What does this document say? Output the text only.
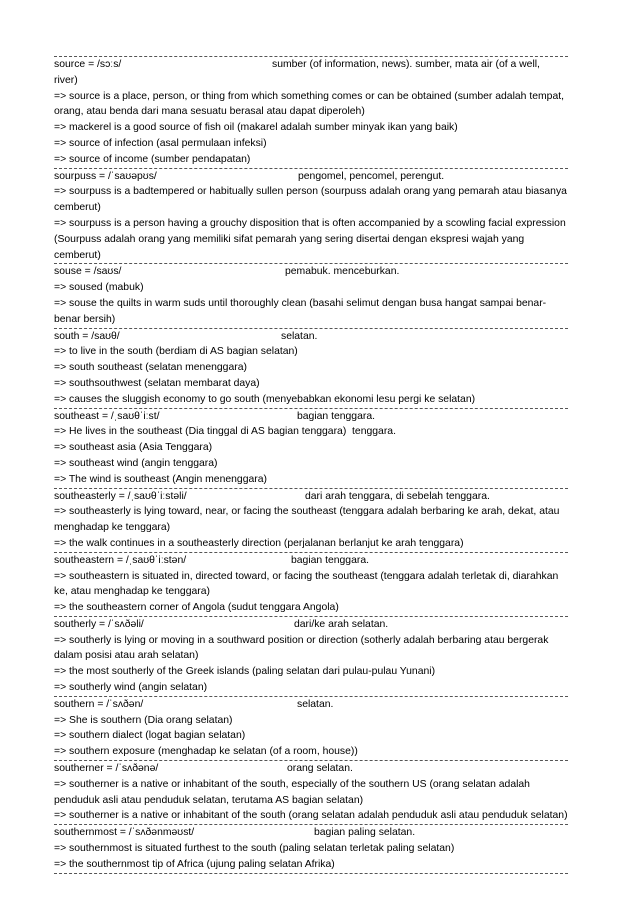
source = /sɔːs/	sumber (of information, news). sumber, mata air (of a well,
river)
=> source is a place, person, or thing from which something comes or can be obtained (sumber adalah tempat, orang, atau benda dari mana sesuatu berasal atau dapat diperoleh)
=> mackerel is a good source of fish oil (makarel adalah sumber minyak ikan yang baik)
=> source of infection (asal permulaan infeksi)
=> source of income (sumber pendapatan)
sourpuss = /ˈsaʊəpʊs/	pengomel, pencomel, perengut.
=> sourpuss is a badtempered or habitually sullen person (sourpuss adalah orang yang pemarah atau biasanya cemberut)
=> sourpuss is a person having a grouchy disposition that is often accompanied by a scowling facial expression (Sourpuss adalah orang yang memiliki sifat pemarah yang sering disertai dengan ekspresi wajah yang cemberut)
souse = /saʊs/	pemabuk. menceburkan.
=> soused (mabuk)
=> souse the quilts in warm suds until thoroughly clean (basahi selimut dengan busa hangat sampai benar-benar bersih)
south = /saʊθ/	selatan.
=> to live in the south (berdiam di AS bagian selatan)
=> south southeast (selatan menenggara)
=> southsouthwest (selatan membarat daya)
=> causes the sluggish economy to go south (menyebabkan ekonomi lesu pergi ke selatan)
southeast = /ˌsaʊθˈiːst/	bagian tenggara.
=> He lives in the southeast (Dia tinggal di AS bagian tenggara)  tenggara.
=> southeast asia (Asia Tenggara)
=> southeast wind (angin tenggara)
=> The wind is southeast (Angin menenggara)
southeasterly = /ˌsaʊθˈiːstəli/	dari arah tenggara, di sebelah tenggara.
=> southeasterly is lying toward, near, or facing the southeast (tenggara adalah berbaring ke arah, dekat, atau menghadap ke tenggara)
=> the walk continues in a southeasterly direction (perjalanan berlanjut ke arah tenggara)
southeastern = /ˌsaʊθˈiːstən/	bagian tenggara.
=> southeastern is situated in, directed toward, or facing the southeast (tenggara adalah terletak di, diarahkan ke, atau menghadap ke tenggara)
=> the southeastern corner of Angola (sudut tenggara Angola)
southerly = /ˈsʌðəli/	dari/ke arah selatan.
=> southerly is lying or moving in a southward position or direction (sotherly adalah berbaring atau bergerak dalam posisi atau arah selatan)
=> the most southerly of the Greek islands (paling selatan dari pulau-pulau Yunani)
=> southerly wind (angin selatan)
southern = /ˈsʌðən/	selatan.
=> She is southern (Dia orang selatan)
=> southern dialect (logat bagian selatan)
=> southern exposure (menghadap ke selatan (of a room, house))
southerner = /ˈsʌðənə/	orang selatan.
=> southerner is a native or inhabitant of the south, especially of the southern US (orang selatan adalah penduduk asli atau penduduk selatan, terutama AS bagian selatan)
=> southerner is a native or inhabitant of the south (orang selatan adalah penduduk asli atau penduduk selatan)
southernmost = /ˈsʌðənməʊst/	bagian paling selatan.
=> southernmost is situated furthest to the south (paling selatan terletak paling selatan)
=> the southernmost tip of Africa (ujung paling selatan Afrika)
